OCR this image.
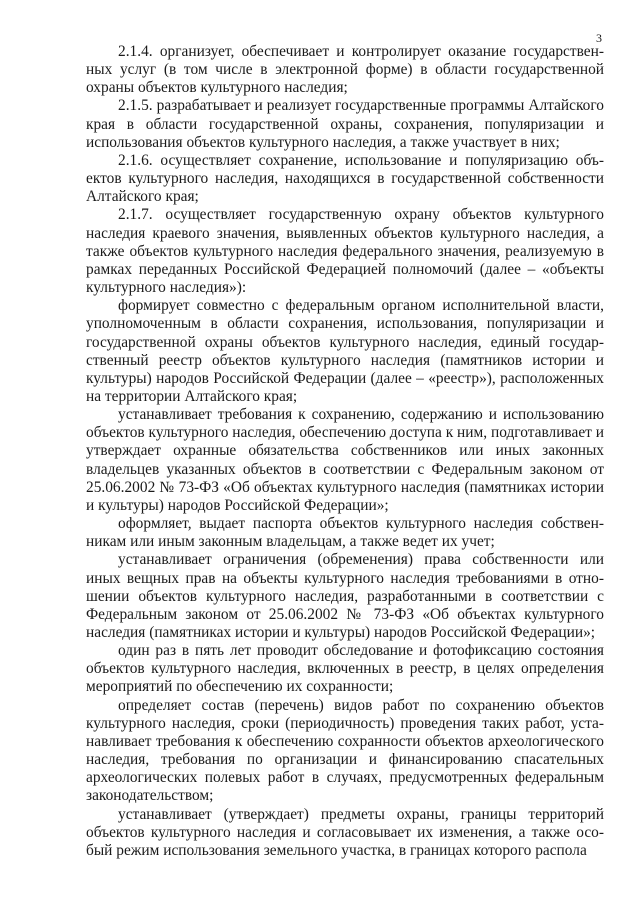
3

2.1.4. организует, обеспечивает и контролирует оказание государственных услуг (в том числе в электронной форме) в области государственной охраны объектов культурного наследия;

2.1.5. разрабатывает и реализует государственные программы Алтайского края в области государственной охраны, сохранения, популяризации и использования объектов культурного наследия, а также участвует в них;

2.1.6. осуществляет сохранение, использование и популяризацию объектов культурного наследия, находящихся в государственной собственности Алтайского края;

2.1.7. осуществляет государственную охрану объектов культурного наследия краевого значения, выявленных объектов культурного наследия, а также объектов культурного наследия федерального значения, реализуемую в рамках переданных Российской Федерацией полномочий (далее – «объекты культурного наследия»):

формирует совместно с федеральным органом исполнительной власти, уполномоченным в области сохранения, использования, популяризации и государственной охраны объектов культурного наследия, единый государственный реестр объектов культурного наследия (памятников истории и культуры) народов Российской Федерации (далее – «реестр»), расположенных на территории Алтайского края;

устанавливает требования к сохранению, содержанию и использованию объектов культурного наследия, обеспечению доступа к ним, подготавливает и утверждает охранные обязательства собственников или иных законных владельцев указанных объектов в соответствии с Федеральным законом от 25.06.2002 № 73-ФЗ «Об объектах культурного наследия (памятниках истории и культуры) народов Российской Федерации»;

оформляет, выдает паспорта объектов культурного наследия собственникам или иным законным владельцам, а также ведет их учет;

устанавливает ограничения (обременения) права собственности или иных вещных прав на объекты культурного наследия требованиями в отношении объектов культурного наследия, разработанными в соответствии с Федеральным законом от 25.06.2002 № 73-ФЗ «Об объектах культурного наследия (памятниках истории и культуры) народов Российской Федерации»;

один раз в пять лет проводит обследование и фотофиксацию состояния объектов культурного наследия, включенных в реестр, в целях определения мероприятий по обеспечению их сохранности;

определяет состав (перечень) видов работ по сохранению объектов культурного наследия, сроки (периодичность) проведения таких работ, устанавливает требования к обеспечению сохранности объектов археологического наследия, требования по организации и финансированию спасательных археологических полевых работ в случаях, предусмотренных федеральным законодательством;

устанавливает (утверждает) предметы охраны, границы территорий объектов культурного наследия и согласовывает их изменения, а также особый режим использования земельного участка, в границах которого распола
